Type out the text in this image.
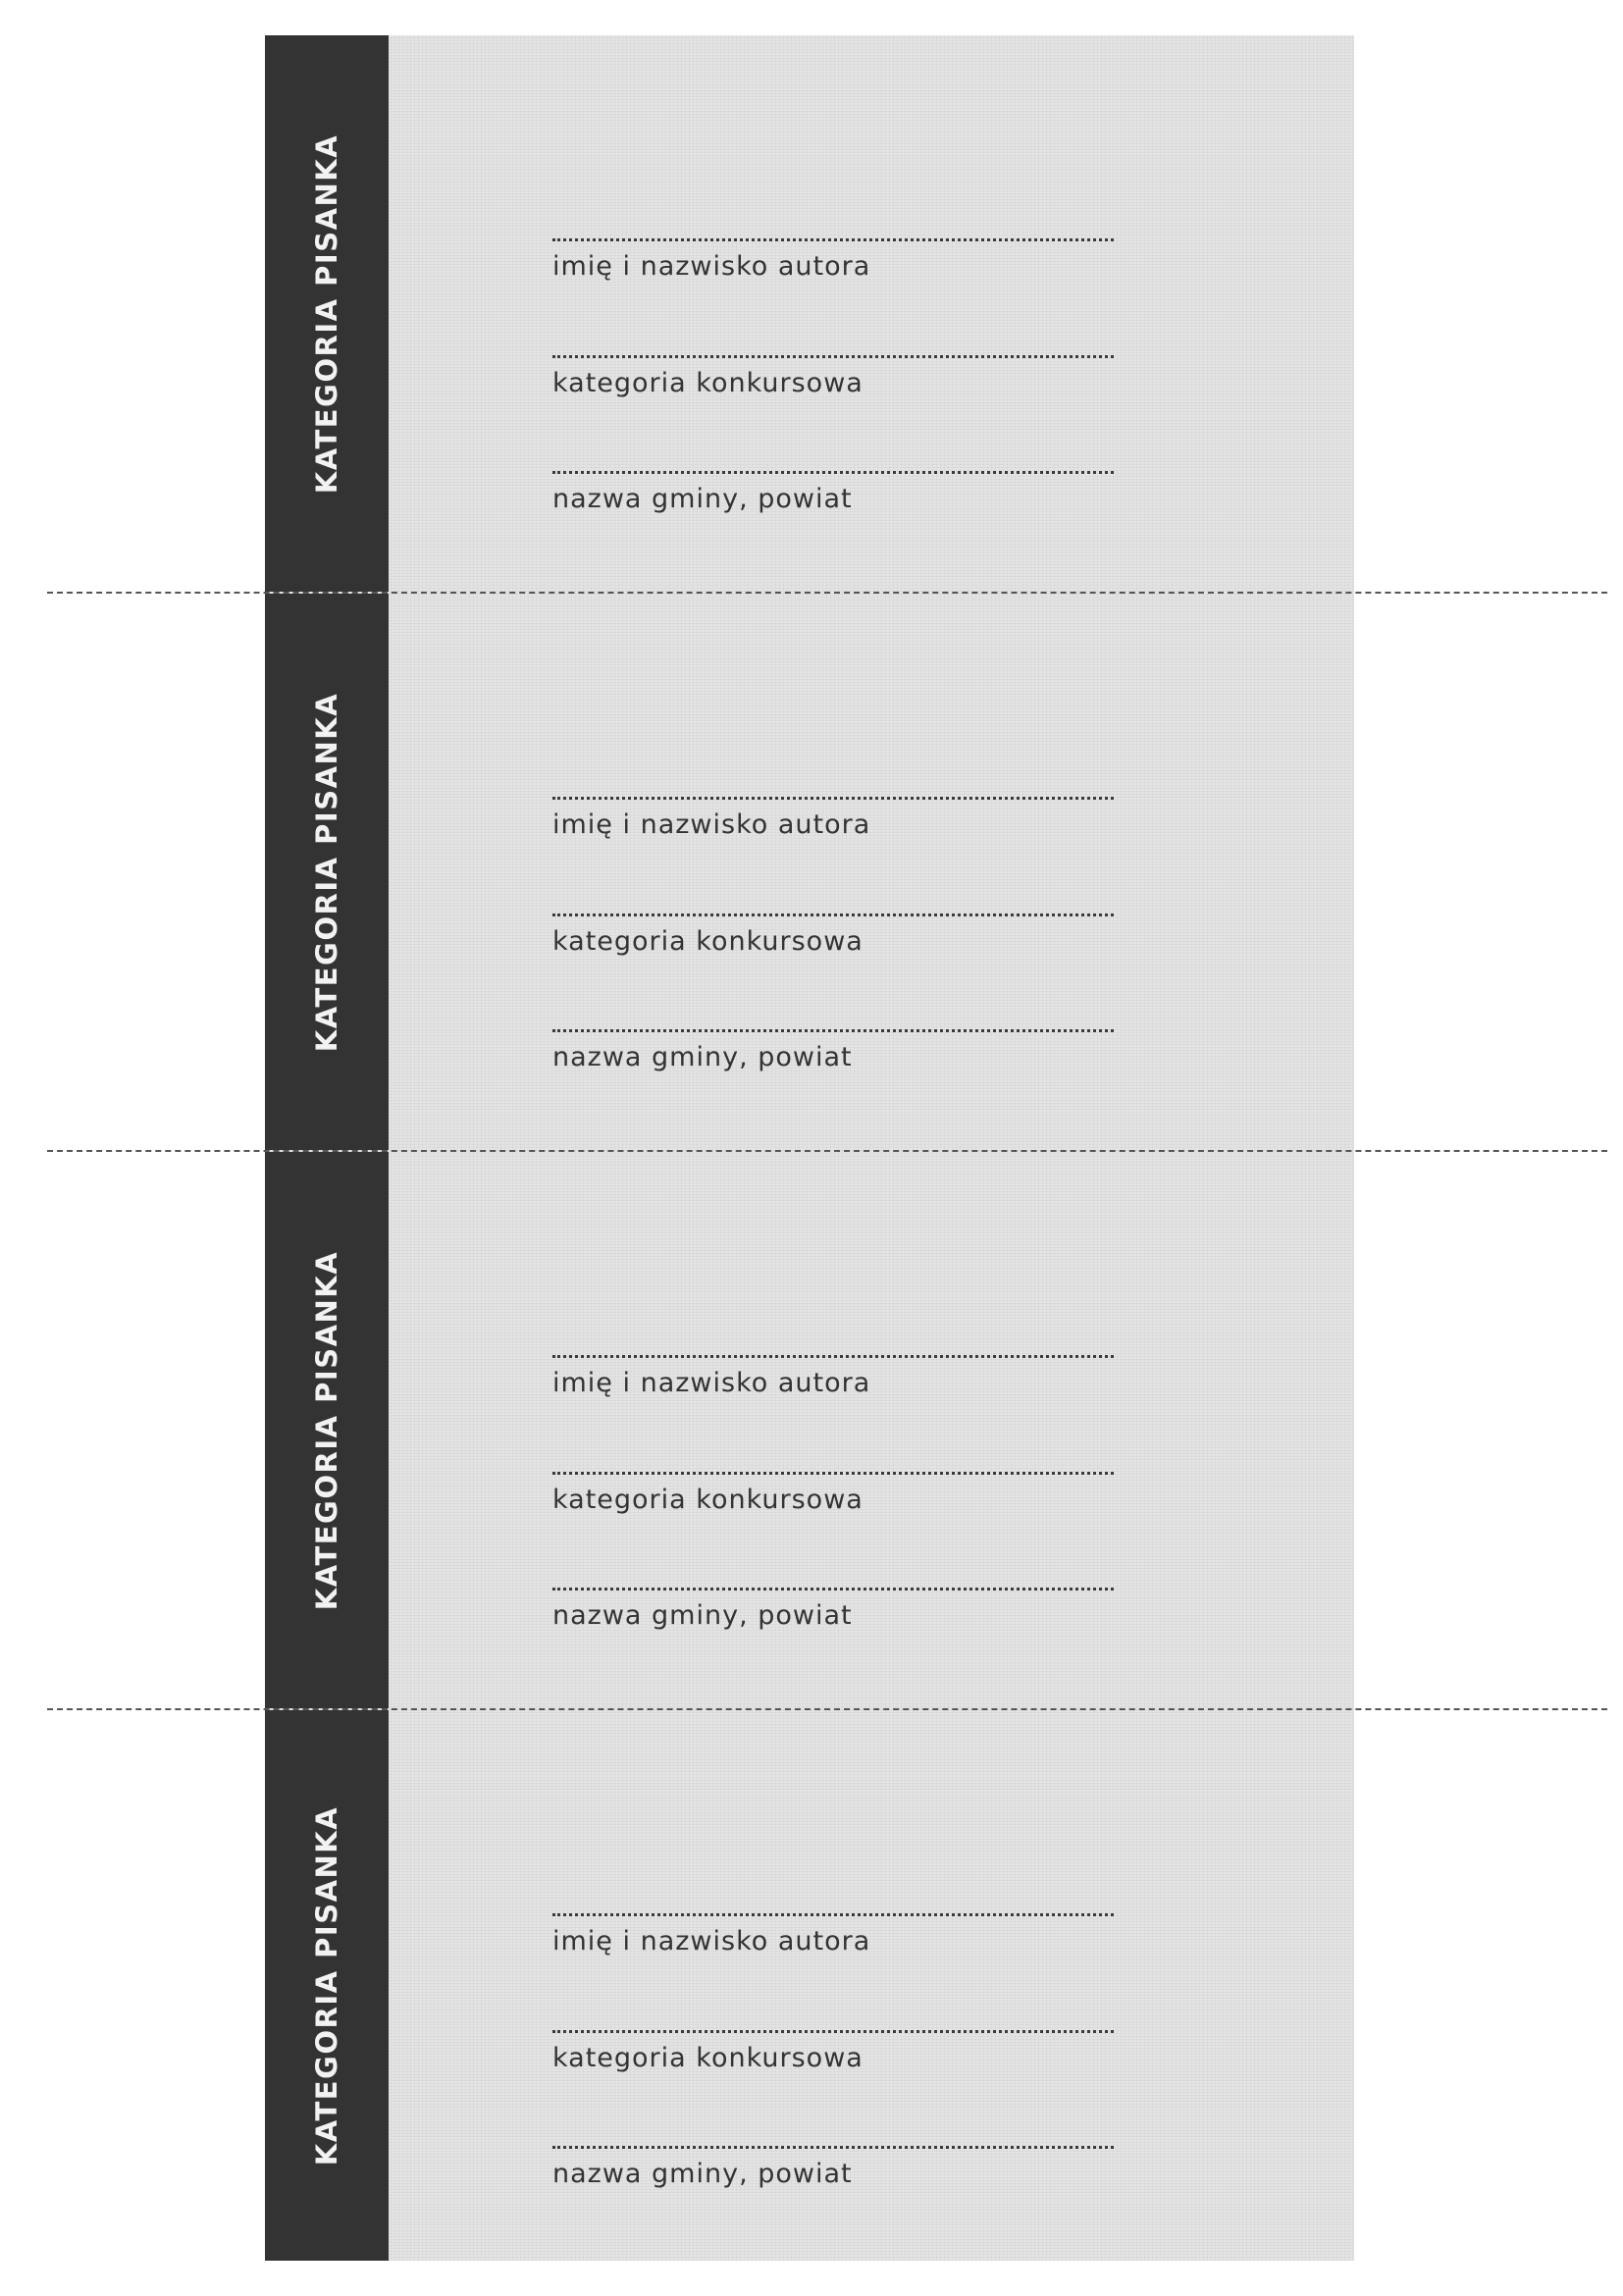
KATEGORIA PISANKA	imię i nazwisko autora
kategoria konkursowa
nazwa gminy, powiat
KATEGORIA PISANKA	imię i nazwisko autora
kategoria konkursowa
nazwa gminy, powiat
KATEGORIA PISANKA	imię i nazwisko autora
kategoria konkursowa
nazwa gminy, powiat
KATEGORIA PISANKA	imię i nazwisko autora
kategoria konkursowa
nazwa gminy, powiat
